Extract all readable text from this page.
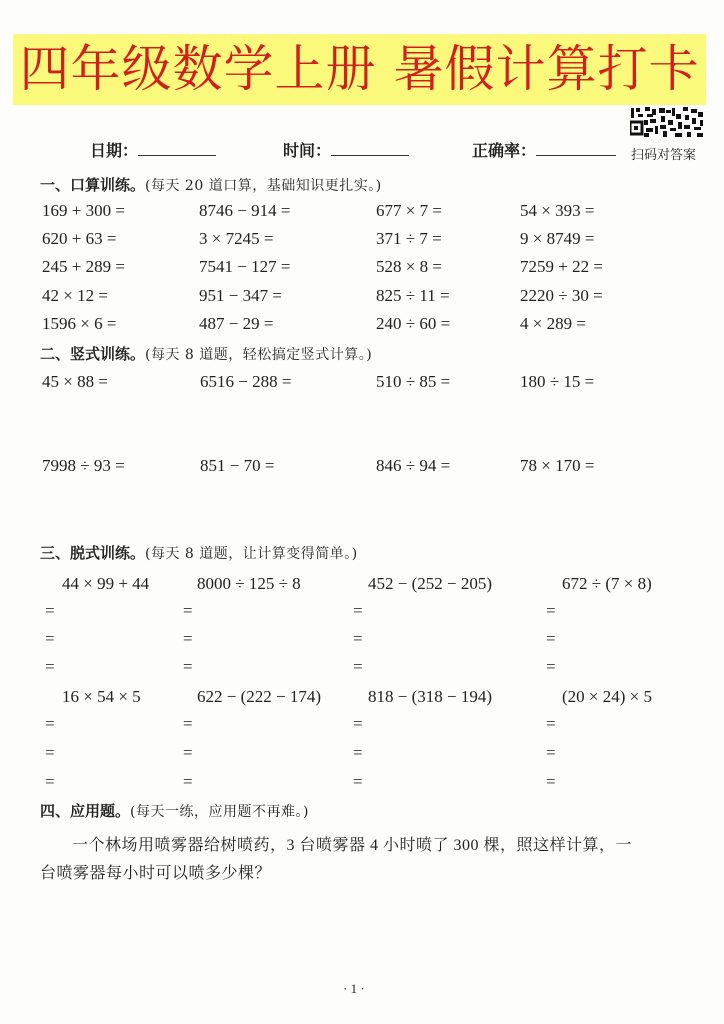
四年级数学上册 暑假计算打卡
扫码对答案
日期：	时间：	正确率：
一、口算训练。(每天 20 道口算，基础知识更扎实。)
169 + 300 =	8746 − 914 =	677 × 7 =	54 × 393 =
620 + 63 =	3 × 7245 =	371 ÷ 7 =	9 × 8749 =
245 + 289 =	7541 − 127 =	528 × 8 =	7259 + 22 =
42 × 12 =	951 − 347 =	825 ÷ 11 =	2220 ÷ 30 =
1596 × 6 =	487 − 29 =	240 ÷ 60 =	4 × 289 =
二、竖式训练。(每天 8 道题，轻松搞定竖式计算。)
45 × 88 =	6516 − 288 =	510 ÷ 85 =	180 ÷ 15 =
7998 ÷ 93 =	851 − 70 =	846 ÷ 94 =	78 × 170 =
三、脱式训练。(每天 8 道题，让计算变得简单。)
44 × 99 + 44	8000 ÷ 125 ÷ 8	452 − (252 − 205)	672 ÷ (7 × 8)
=	=	=	=
=	=	=	=
=	=	=	=
16 × 54 × 5	622 − (222 − 174)	818 − (318 − 194)	(20 × 24) × 5
=	=	=	=
=	=	=	=
=	=	=	=
四、应用题。(每天一练，应用题不再难。)
一个林场用喷雾器给树喷药，3 台喷雾器 4 小时喷了 300 棵，照这样计算，一
台喷雾器每小时可以喷多少棵？
· 1 ·
